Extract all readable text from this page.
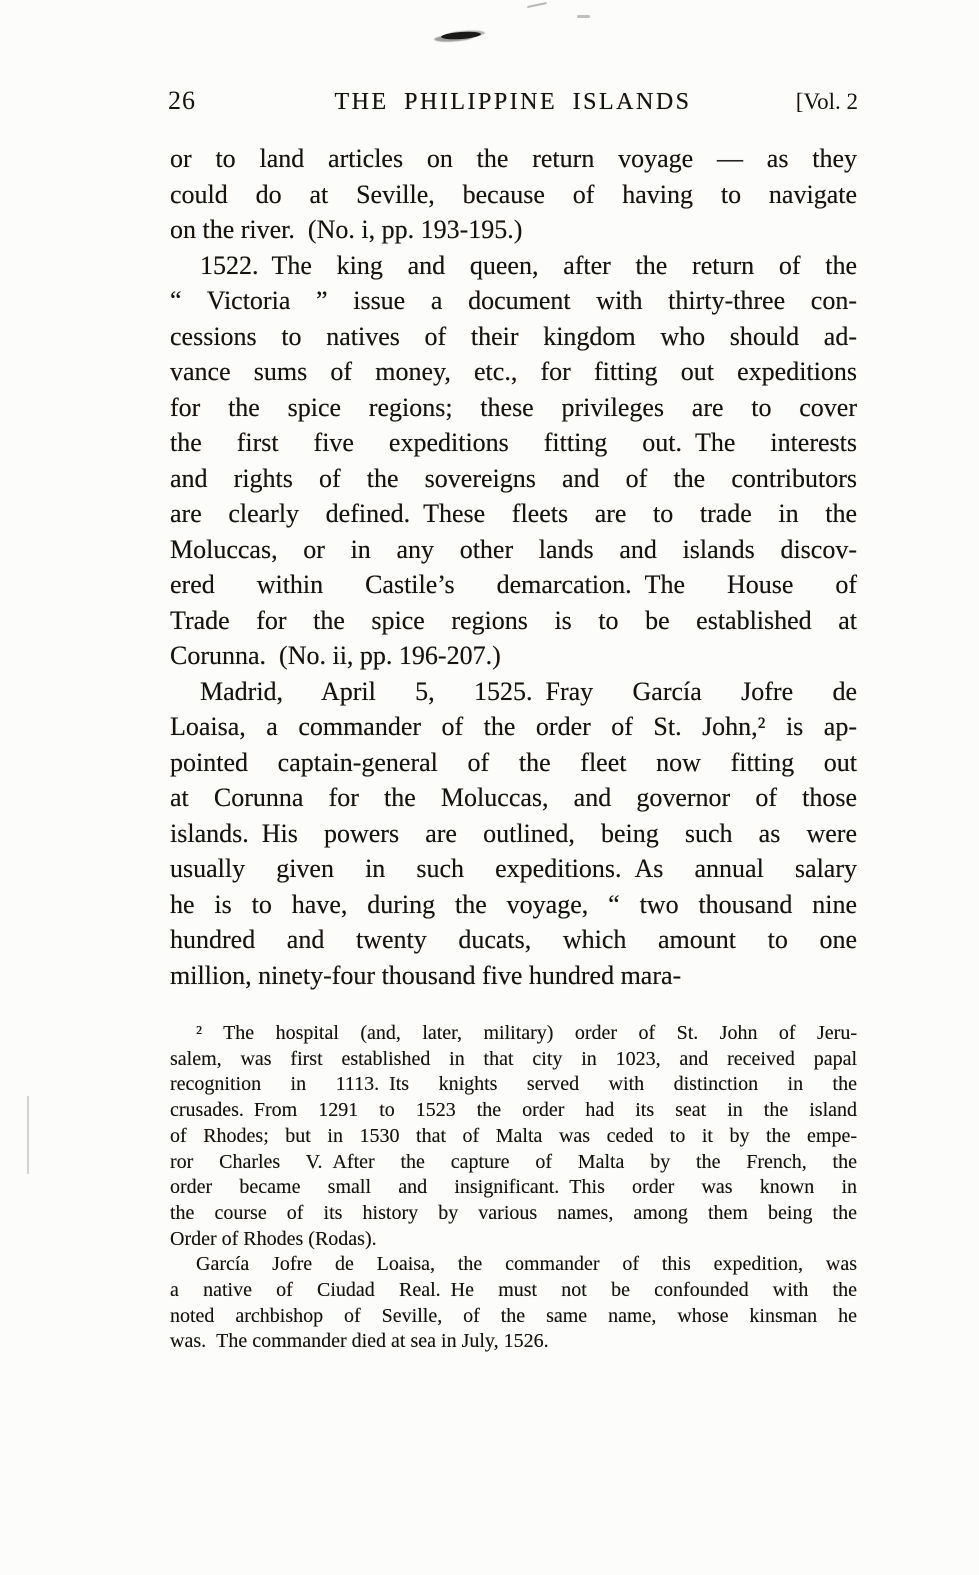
26	THE PHILIPPINE ISLANDS	[Vol. 2
or to land articles on the return voyage — as they
could do at Seville, because of having to navigate
on the river. (No. i, pp. 193-195.)
1522. The king and queen, after the return of the
“ Victoria ” issue a document with thirty-three con-
cessions to natives of their kingdom who should ad-
vance sums of money, etc., for fitting out expeditions
for the spice regions; these privileges are to cover
the first five expeditions fitting out. The interests
and rights of the sovereigns and of the contributors
are clearly defined. These fleets are to trade in the
Moluccas, or in any other lands and islands discov-
ered within Castile’s demarcation. The House of
Trade for the spice regions is to be established at
Corunna. (No. ii, pp. 196-207.)
Madrid, April 5, 1525. Fray García Jofre de
Loaisa, a commander of the order of St. John,² is ap-
pointed captain-general of the fleet now fitting out
at Corunna for the Moluccas, and governor of those
islands. His powers are outlined, being such as were
usually given in such expeditions. As annual salary
he is to have, during the voyage, “ two thousand nine
hundred and twenty ducats, which amount to one
million, ninety-four thousand five hundred mara-
² The hospital (and, later, military) order of St. John of Jeru-
salem, was first established in that city in 1023, and received papal
recognition in 1113. Its knights served with distinction in the
crusades. From 1291 to 1523 the order had its seat in the island
of Rhodes; but in 1530 that of Malta was ceded to it by the empe-
ror Charles V. After the capture of Malta by the French, the
order became small and insignificant. This order was known in
the course of its history by various names, among them being the
Order of Rhodes (Rodas).
García Jofre de Loaisa, the commander of this expedition, was
a native of Ciudad Real. He must not be confounded with the
noted archbishop of Seville, of the same name, whose kinsman he
was. The commander died at sea in July, 1526.
